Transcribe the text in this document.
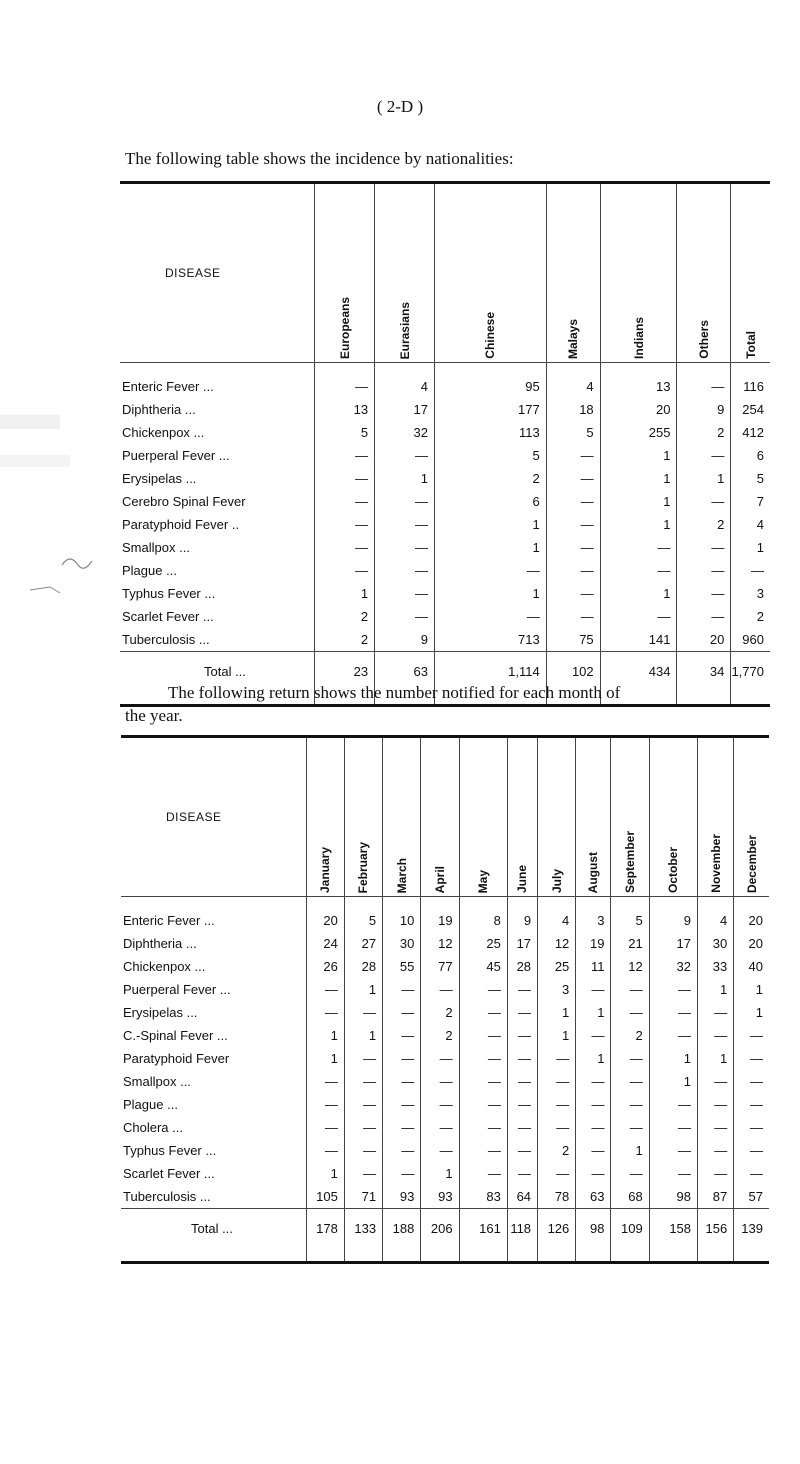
( 2-D )
The following table shows the incidence by nationalities:
DISEASE	Europeans	Eurasians	Chinese	Malays	Indians	Others	Total

Enteric Fever ...	—	4	95	4	13	—	116
Diphtheria ...	13	17	177	18	20	9	254
Chickenpox ...	5	32	113	5	255	2	412
Puerperal Fever ...	—	—	5	—	1	—	6
Erysipelas ...	—	1	2	—	1	1	5
Cerebro Spinal Fever	—	—	6	—	1	—	7
Paratyphoid Fever ..	—	—	1	—	1	2	4
Smallpox ...	—	—	1	—	—	—	1
Plague ...	—	—	—	—	—	—	—
Typhus Fever ...	1	—	1	—	1	—	3
Scarlet Fever ...	2	—	—	—	—	—	2
Tuberculosis ...	2	9	713	75	141	20	960
Total ...	23	63	1,114	102	434	34	1,770
The following return shows the number notified for each month of
the year.
DISEASE	January	February	March	April	May	June	July	August	September	October	November	December

Enteric Fever ...	20	5	10	19	8	9	4	3	5	9	4	20
Diphtheria ...	24	27	30	12	25	17	12	19	21	17	30	20
Chickenpox ...	26	28	55	77	45	28	25	11	12	32	33	40
Puerperal Fever ...	—	1	—	—	—	—	3	—	—	—	1	1
Erysipelas ...	—	—	—	2	—	—	1	1	—	—	—	1
C.-Spinal Fever ...	1	1	—	2	—	—	1	—	2	—	—	—
Paratyphoid Fever	1	—	—	—	—	—	—	1	—	1	1	—
Smallpox ...	—	—	—	—	—	—	—	—	—	1	—	—
Plague ...	—	—	—	—	—	—	—	—	—	—	—	—
Cholera ...	—	—	—	—	—	—	—	—	—	—	—	—
Typhus Fever ...	—	—	—	—	—	—	2	—	1	—	—	—
Scarlet Fever ...	1	—	—	1	—	—	—	—	—	—	—	—
Tuberculosis ...	105	71	93	93	83	64	78	63	68	98	87	57
Total ...	178	133	188	206	161	118	126	98	109	158	156	139
